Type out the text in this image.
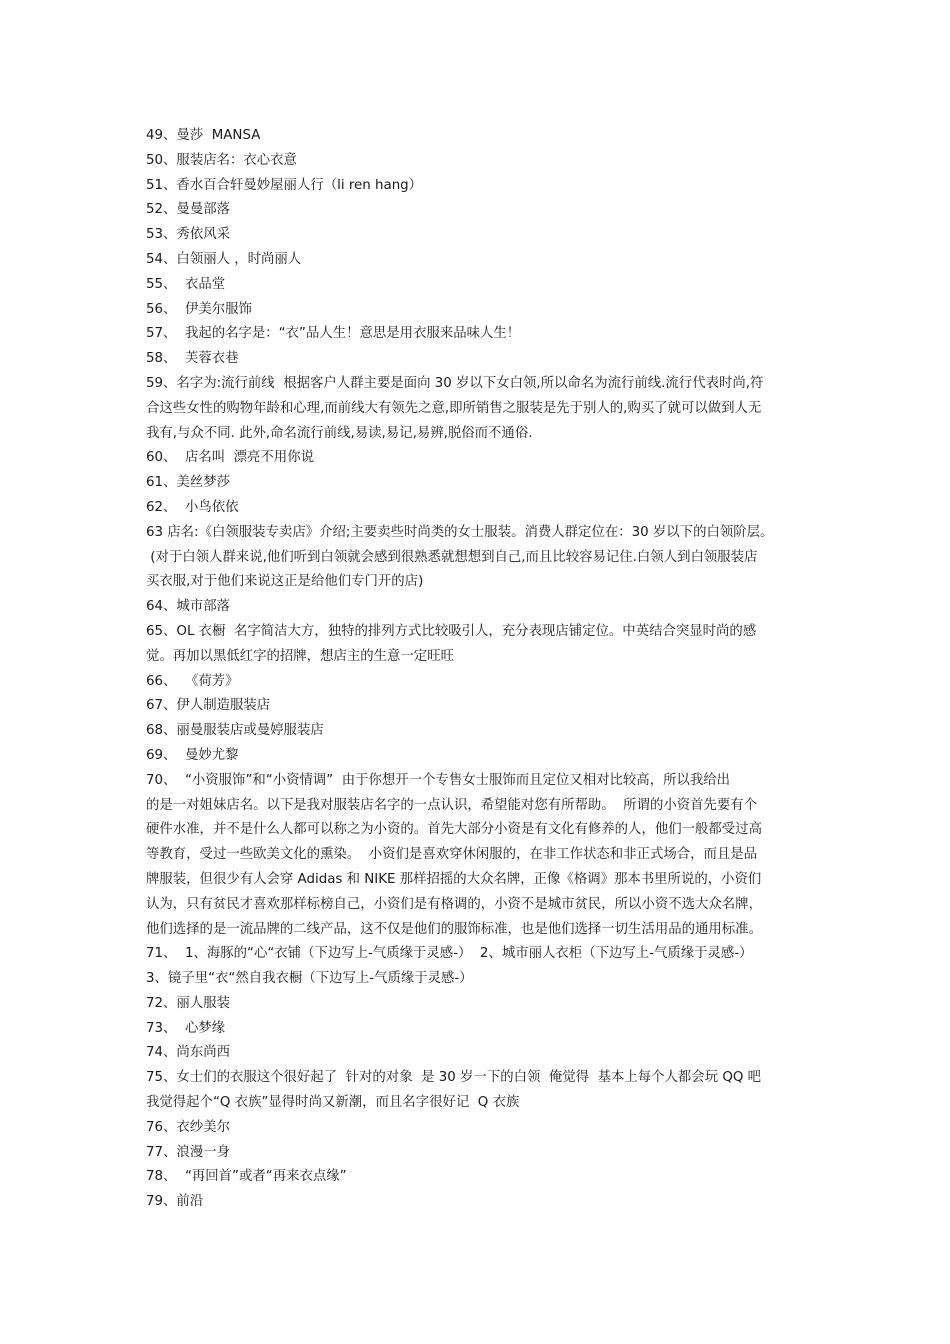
49、曼莎  MANSA
50、服装店名：衣心衣意
51、香水百合轩曼妙屋丽人行（li ren hang）
52、曼曼部落
53、秀依风采
54、白领丽人 ，时尚丽人
55、  衣品堂
56、  伊美尔服饰
57、  我起的名字是：“衣”品人生！意思是用衣服来品味人生！
58、  芙蓉衣巷
59、名字为:流行前线  根据客户人群主要是面向 30 岁以下女白领,所以命名为流行前线.流行代表时尚,符
合这些女性的购物年龄和心理,而前线大有领先之意,即所销售之服装是先于别人的,购买了就可以做到人无
我有,与众不同. 此外,命名流行前线,易读,易记,易辨,脱俗而不通俗.
60、  店名叫  漂亮不用你说
61、美丝梦莎
62、  小鸟依依
63 店名:《白领服装专卖店》介绍;主要卖些时尚类的女士服装。消费人群定位在：30 岁以下的白领阶层。
(对于白领人群来说,他们听到白领就会感到很熟悉就想想到自己,而且比较容易记住.白领人到白领服装店
买衣服,对于他们来说这正是给他们专门开的店)
64、城市部落
65、OL 衣橱  名字简洁大方，独特的排列方式比较吸引人，充分表现店铺定位。中英结合突显时尚的感
觉。再加以黑低红字的招牌，想店主的生意一定旺旺
66、  《荷芳》
67、伊人制造服装店
68、丽曼服装店或曼婷服装店
69、  曼妙尤黎
70、  “小资服饰”和“小资情调”  由于你想开一个专售女士服饰而且定位又相对比较高，所以我给出
的是一对姐妹店名。以下是我对服装店名字的一点认识，希望能对您有所帮助。  所谓的小资首先要有个
硬件水准，并不是什么人都可以称之为小资的。首先大部分小资是有文化有修养的人，他们一般都受过高
等教育，受过一些欧美文化的熏染。  小资们是喜欢穿休闲服的，在非工作状态和非正式场合，而且是品
牌服装，但很少有人会穿 Adidas 和 NIKE 那样招摇的大众名牌，正像《格调》那本书里所说的，小资们
认为，只有贫民才喜欢那样标榜自己，小资们是有格调的，小资不是城市贫民，所以小资不选大众名牌，
他们选择的是一流品牌的二线产品，这不仅是他们的服饰标准，也是他们选择一切生活用品的通用标准。
71、  1、海豚的“心“衣铺（下边写上-气质缘于灵感-）  2、城市丽人衣柜（下边写上-气质缘于灵感-）
3、镜子里“衣“然自我衣橱（下边写上-气质缘于灵感-）
72、丽人服装
73、  心梦缘
74、尚东尚西
75、女士们的衣服这个很好起了  针对的对象  是 30 岁一下的白领  俺觉得  基本上每个人都会玩 QQ 吧
我觉得起个“Q 衣族”显得时尚又新潮，而且名字很好记  Q 衣族
76、衣纱美尔
77、浪漫一身
78、  “再回首”或者“再来衣点缘”
79、前沿
